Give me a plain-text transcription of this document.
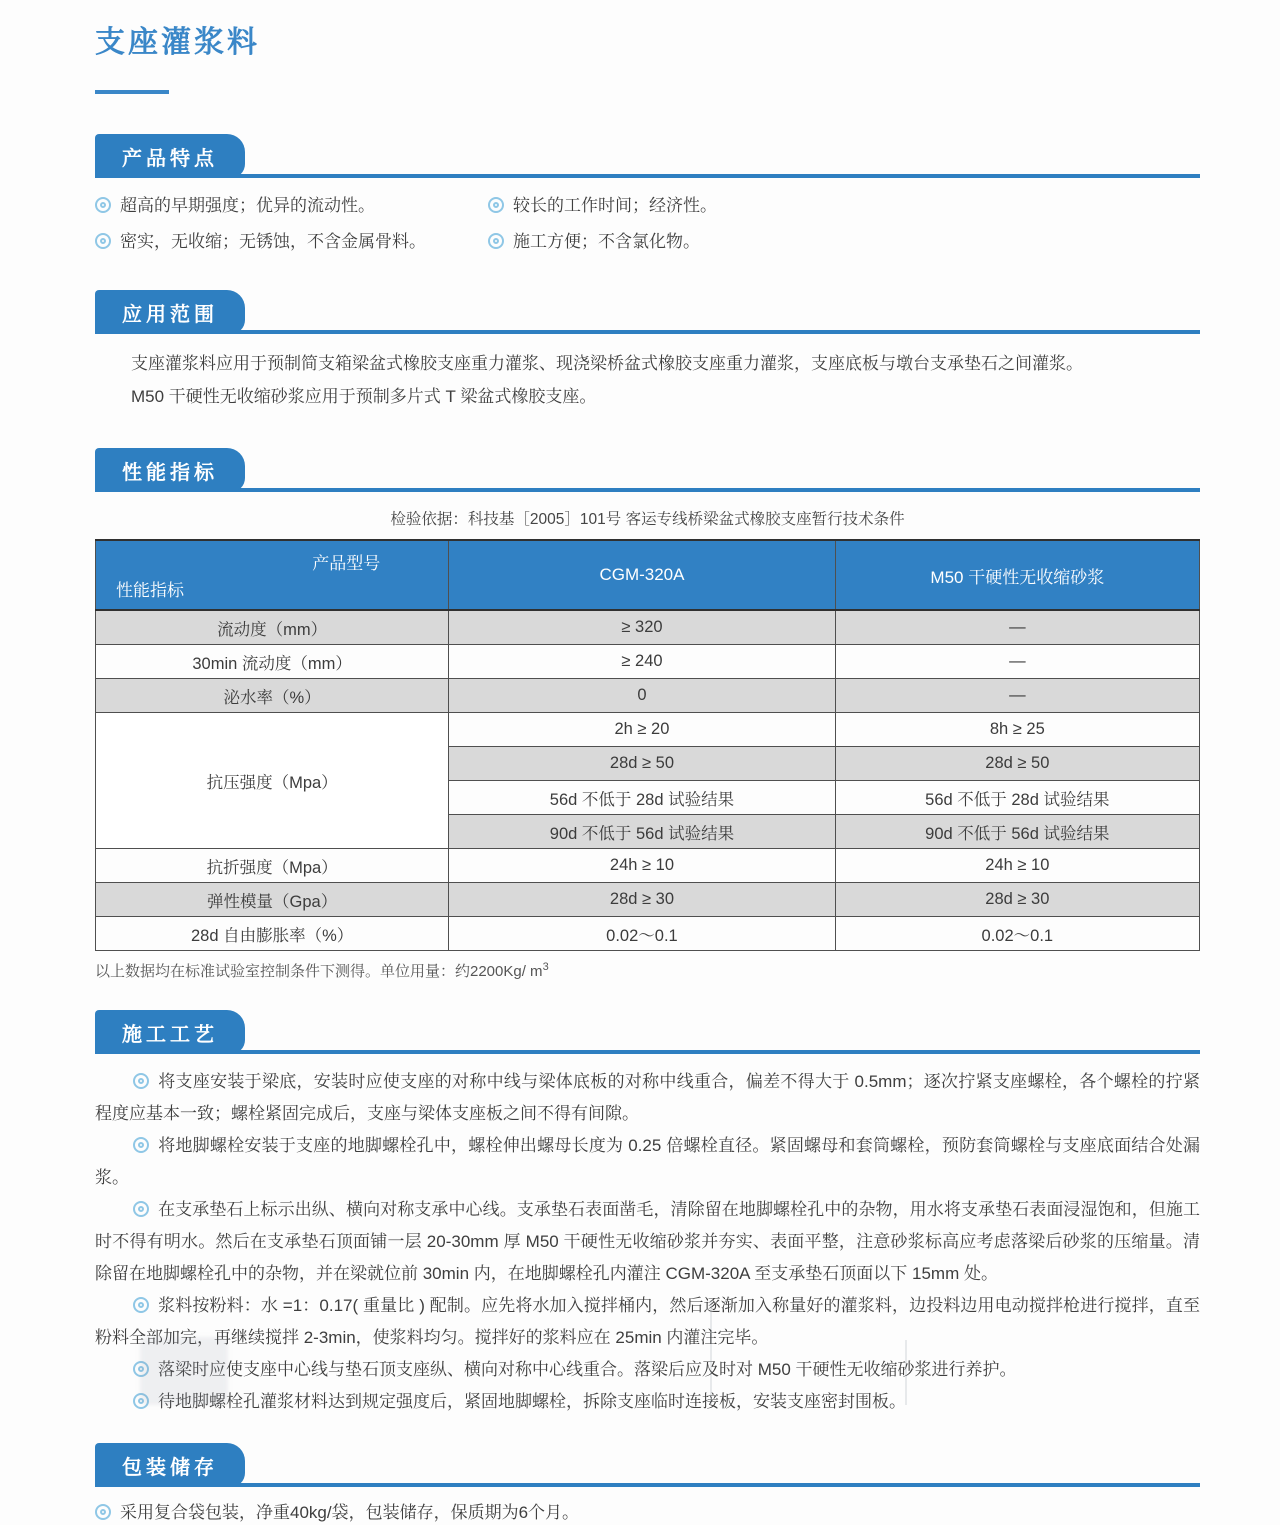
支座灌浆料
产品特点
超高的早期强度；优异的流动性。	较长的工作时间；经济性。
密实，无收缩；无锈蚀，不含金属骨料。	施工方便；不含氯化物。
应用范围

支座灌浆料应用于预制简支箱梁盆式橡胶支座重力灌浆、现浇梁桥盆式橡胶支座重力灌浆，支座底板与墩台支承垫石之间灌浆。

M50 干硬性无收缩砂浆应用于预制多片式 T 梁盆式橡胶支座。

性能指标
检验依据：科技基［2005］101号 客运专线桥梁盆式橡胶支座暂行技术条件
产品型号
性能指标	CGM-320A	M50 干硬性无收缩砂浆
流动度（mm）	≥ 320	—
30min 流动度（mm）	≥ 240	—
泌水率（%）	0	—
抗压强度（Mpa）	2h ≥ 20	8h ≥ 25
	28d ≥ 50	28d ≥ 50
	56d 不低于 28d 试验结果	56d 不低于 28d 试验结果
	90d 不低于 56d 试验结果	90d 不低于 56d 试验结果
抗折强度（Mpa）	24h ≥ 10	24h ≥ 10
弹性模量（Gpa）	28d ≥ 30	28d ≥ 30
28d 自由膨胀率（%）	0.02～0.1	0.02～0.1
以上数据均在标准试验室控制条件下测得。单位用量：约2200Kg/ $m^3$
施工工艺

将支座安装于梁底，安装时应使支座的对称中线与梁体底板的对称中线重合，偏差不得大于 0.5mm；逐次拧紧支座螺栓，各个螺栓的拧紧程度应基本一致；螺栓紧固完成后，支座与梁体支座板之间不得有间隙。

将地脚螺栓安装于支座的地脚螺栓孔中，螺栓伸出螺母长度为 0.25 倍螺栓直径。紧固螺母和套筒螺栓，预防套筒螺栓与支座底面结合处漏浆。

在支承垫石上标示出纵、横向对称支承中心线。支承垫石表面凿毛，清除留在地脚螺栓孔中的杂物，用水将支承垫石表面浸湿饱和，但施工时不得有明水。然后在支承垫石顶面铺一层 20-30mm 厚 M50 干硬性无收缩砂浆并夯实、表面平整，注意砂浆标高应考虑落梁后砂浆的压缩量。清除留在地脚螺栓孔中的杂物，并在梁就位前 30min 内，在地脚螺栓孔内灌注 CGM-320A 至支承垫石顶面以下 15mm 处。

浆料按粉料：水 =1：0.17( 重量比 ) 配制。应先将水加入搅拌桶内，然后逐渐加入称量好的灌浆料，边投料边用电动搅拌枪进行搅拌，直至粉料全部加完，再继续搅拌 2-3min，使浆料均匀。搅拌好的浆料应在 25min 内灌注完毕。

落梁时应使支座中心线与垫石顶支座纵、横向对称中心线重合。落梁后应及时对 M50 干硬性无收缩砂浆进行养护。

待地脚螺栓孔灌浆材料达到规定强度后，紧固地脚螺栓，拆除支座临时连接板，安装支座密封围板。

包装储存
采用复合袋包装，净重40kg/袋，包装储存，保质期为6个月。
